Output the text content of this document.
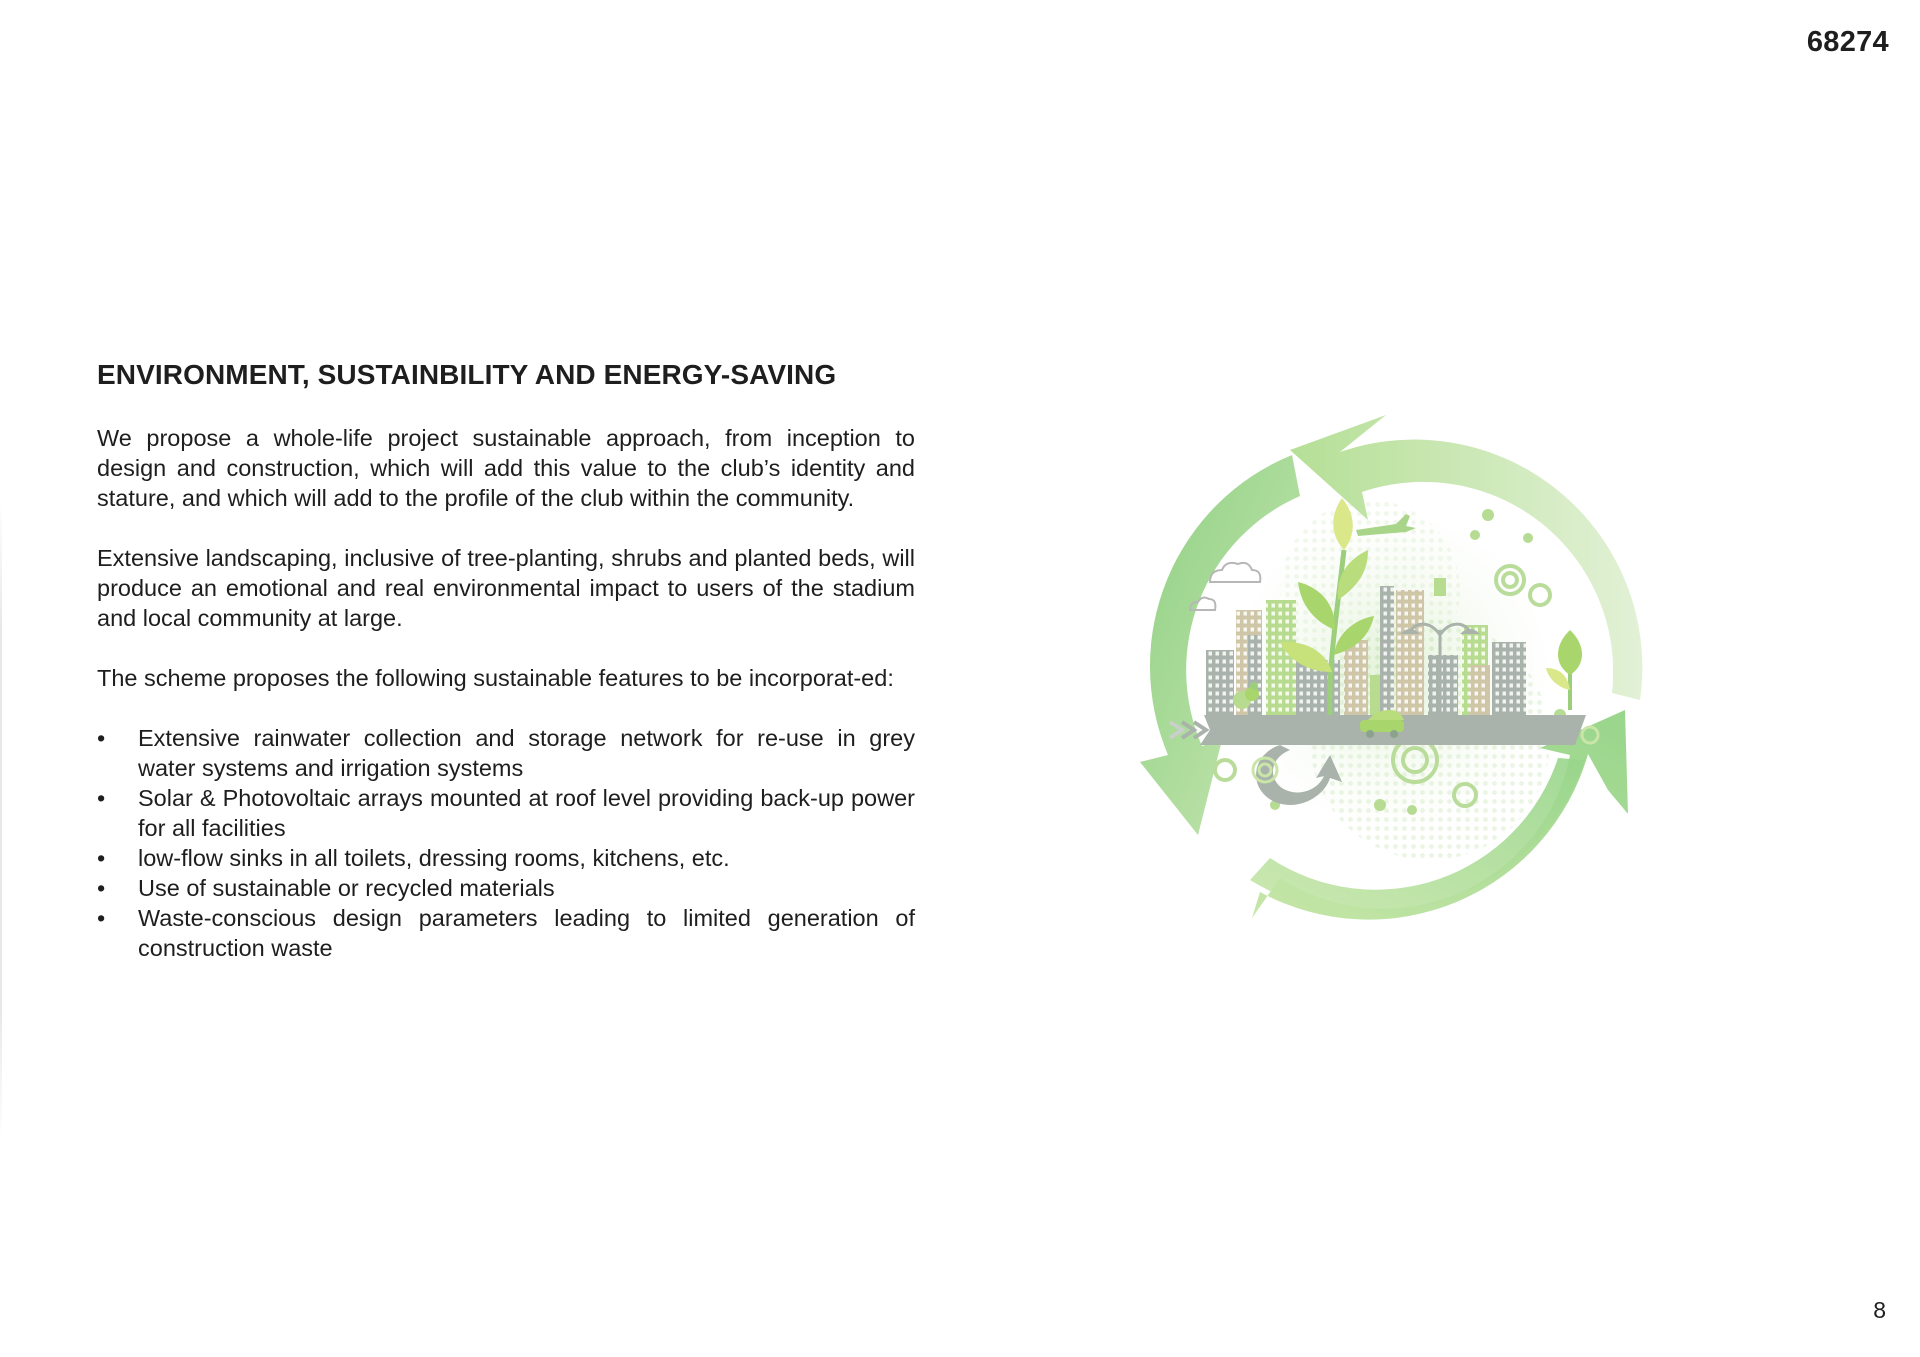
68274
ENVIRONMENT, SUSTAINBILITY AND ENERGY-SAVING

We propose a whole-life project sustainable approach, from inception to design and construction, which will add this value to the club’s identity and stature, and which will add to the profile of the club within the community.

Extensive landscaping, inclusive of tree-planting, shrubs and planted beds, will produce an emotional and real environmental impact to users of the stadium and local community at large.

The scheme proposes the following sustainable features to be incorporat-ed:

• Extensive rainwater collection and storage network for re-use in grey water systems and irrigation systems
• Solar & Photovoltaic arrays mounted at roof level providing back-up power for all facilities
• low-flow sinks in all toilets, dressing rooms, kitchens, etc.
• Use of sustainable or recycled materials
• Waste-conscious design parameters leading to limited generation of construction waste
8
